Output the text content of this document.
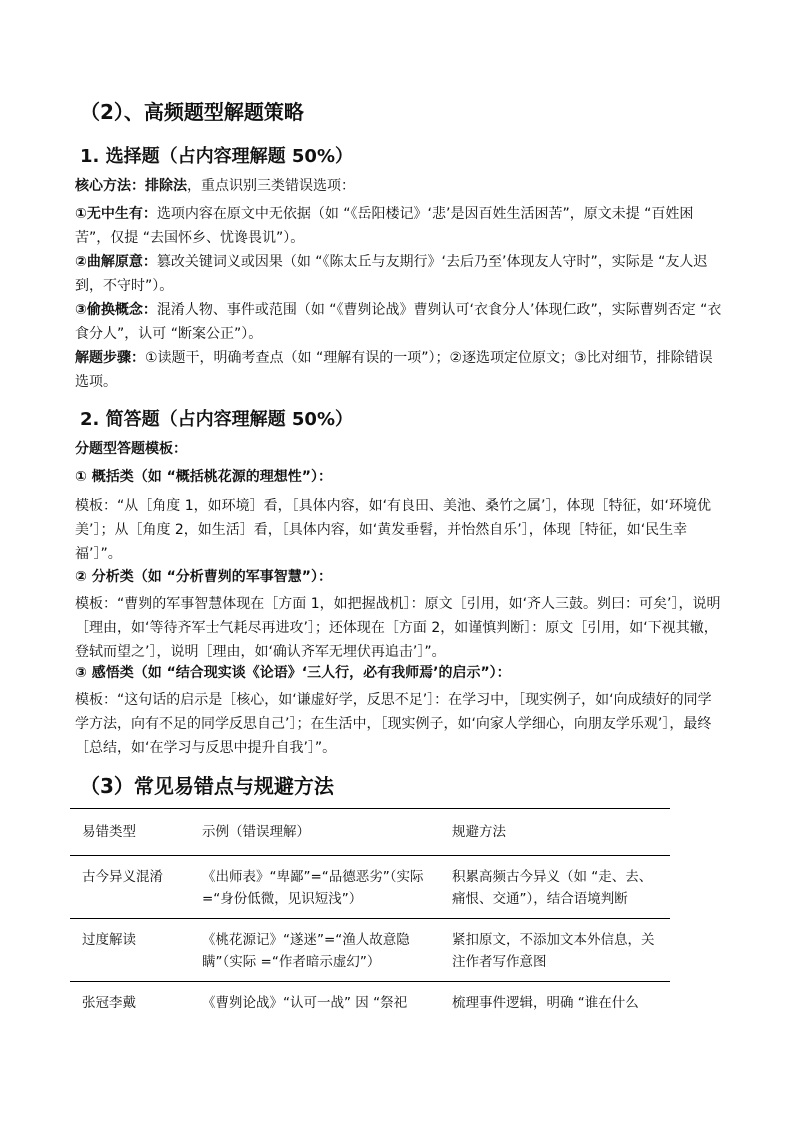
（2）、高频题型解题策略
1. 选择题（占内容理解题 50%）
核心方法：排除法，重点识别三类错误选项：
①无中生有：选项内容在原文中无依据（如 “《岳阳楼记》‘悲’是因百姓生活困苦”，原文未提 “百姓困苦”，仅提 “去国怀乡、忧谗畏讥”）。
②曲解原意：篡改关键词义或因果（如 “《陈太丘与友期行》‘去后乃至’体现友人守时”，实际是 “友人迟到，不守时”）。
③偷换概念：混淆人物、事件或范围（如 “《曹刿论战》曹刿认可‘衣食分人’体现仁政”，实际曹刿否定 “衣食分人”，认可 “断案公正”）。
解题步骤：①读题干，明确考查点（如 “理解有误的一项”）；②逐选项定位原文；③比对细节，排除错误选项。
2. 简答题（占内容理解题 50%）
分题型答题模板：
① 概括类（如 “概括桃花源的理想性”）：
模板：“从［角度 1，如环境］看，［具体内容，如‘有良田、美池、桑竹之属’］，体现［特征，如‘环境优美’］；从［角度 2，如生活］看，［具体内容，如‘黄发垂髫，并怡然自乐’］，体现［特征，如‘民生幸福’］”。
② 分析类（如 “分析曹刿的军事智慧”）：
模板：“曹刿的军事智慧体现在［方面 1，如把握战机］：原文［引用，如‘齐人三鼓。刿曰：可矣’］，说明［理由，如‘等待齐军士气耗尽再进攻’］；还体现在［方面 2，如谨慎判断］：原文［引用，如‘下视其辙，登轼而望之’］，说明［理由，如‘确认齐军无埋伏再追击’］”。
③ 感悟类（如 “结合现实谈《论语》‘三人行，必有我师焉’的启示”）：
模板：“这句话的启示是［核心，如‘谦虚好学，反思不足’］：在学习中，［现实例子，如‘向成绩好的同学学方法，向有不足的同学反思自己’］；在生活中，［现实例子，如‘向家人学细心，向朋友学乐观’］，最终［总结，如‘在学习与反思中提升自我’］”。
（3）常见易错点与规避方法
易错类型	示例（错误理解）	规避方法
古今异义混淆	《出师表》“卑鄙”=“品德恶劣”（实际 =“身份低微，见识短浅”）	积累高频古今异义（如 “走、去、痛恨、交通”），结合语境判断
过度解读	《桃花源记》“遂迷”=“渔人故意隐瞒”（实际 =“作者暗示虚幻”）	紧扣原文，不添加文本外信息，关注作者写作意图
张冠李戴	《曹刿论战》“认可一战” 因 “祭祀	梳理事件逻辑，明确 “谁在什么
